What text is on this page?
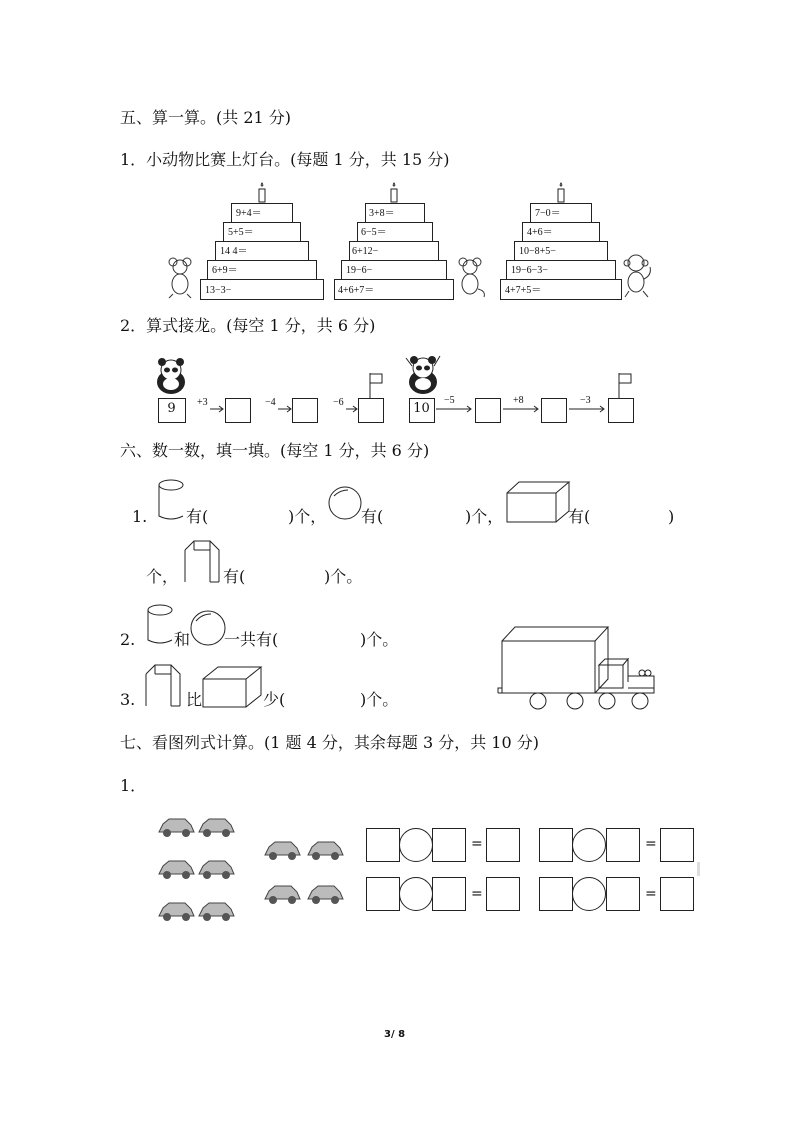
五、算一算。(共 21 分)
1．小动物比赛上灯台。(每题 1 分，共 15 分)
9+4＝
5+5＝
14 4＝
6+9＝
13−3−
3+8＝
6−5＝
6+12−
19−6−
4+6+7＝
7−0＝
4+6＝
10−8+5−
19−6−3−
4+7+5＝
2．算式接龙。(每空 1 分，共 6 分)
9	+3	−4	−6	10
−5	+8	−3
六、数一数，填一填。(每空 1 分，共 6 分)
1. 有(	)个， 有(	)个，	有(	)
个，	有(	)个。
2. 和 一共有(	)个。
3.	比	少(	)个。
七、看图列式计算。(1 题 4 分，其余每题 3 分，共 10 分)
1．
=	=
=	=
3/ 8
